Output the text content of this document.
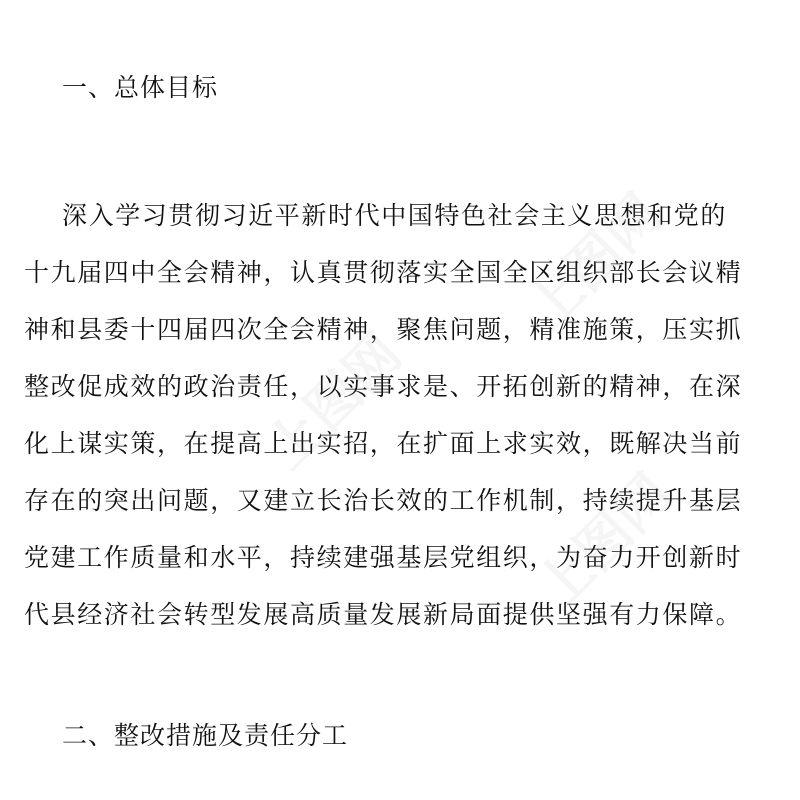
一、总体目标
深入学习贯彻习近平新时代中国特色社会主义思想和党的
十九届四中全会精神，认真贯彻落实全国全区组织部长会议精
神和县委十四届四次全会精神，聚焦问题，精准施策，压实抓
整改促成效的政治责任，以实事求是、开拓创新的精神，在深
化上谋实策，在提高上出实招，在扩面上求实效，既解决当前
存在的突出问题，又建立长治长效的工作机制，持续提升基层
党建工作质量和水平，持续建强基层党组织，为奋力开创新时
代县经济社会转型发展高质量发展新局面提供坚强有力保障。
二、整改措施及责任分工
上图网
上图网
上图网
